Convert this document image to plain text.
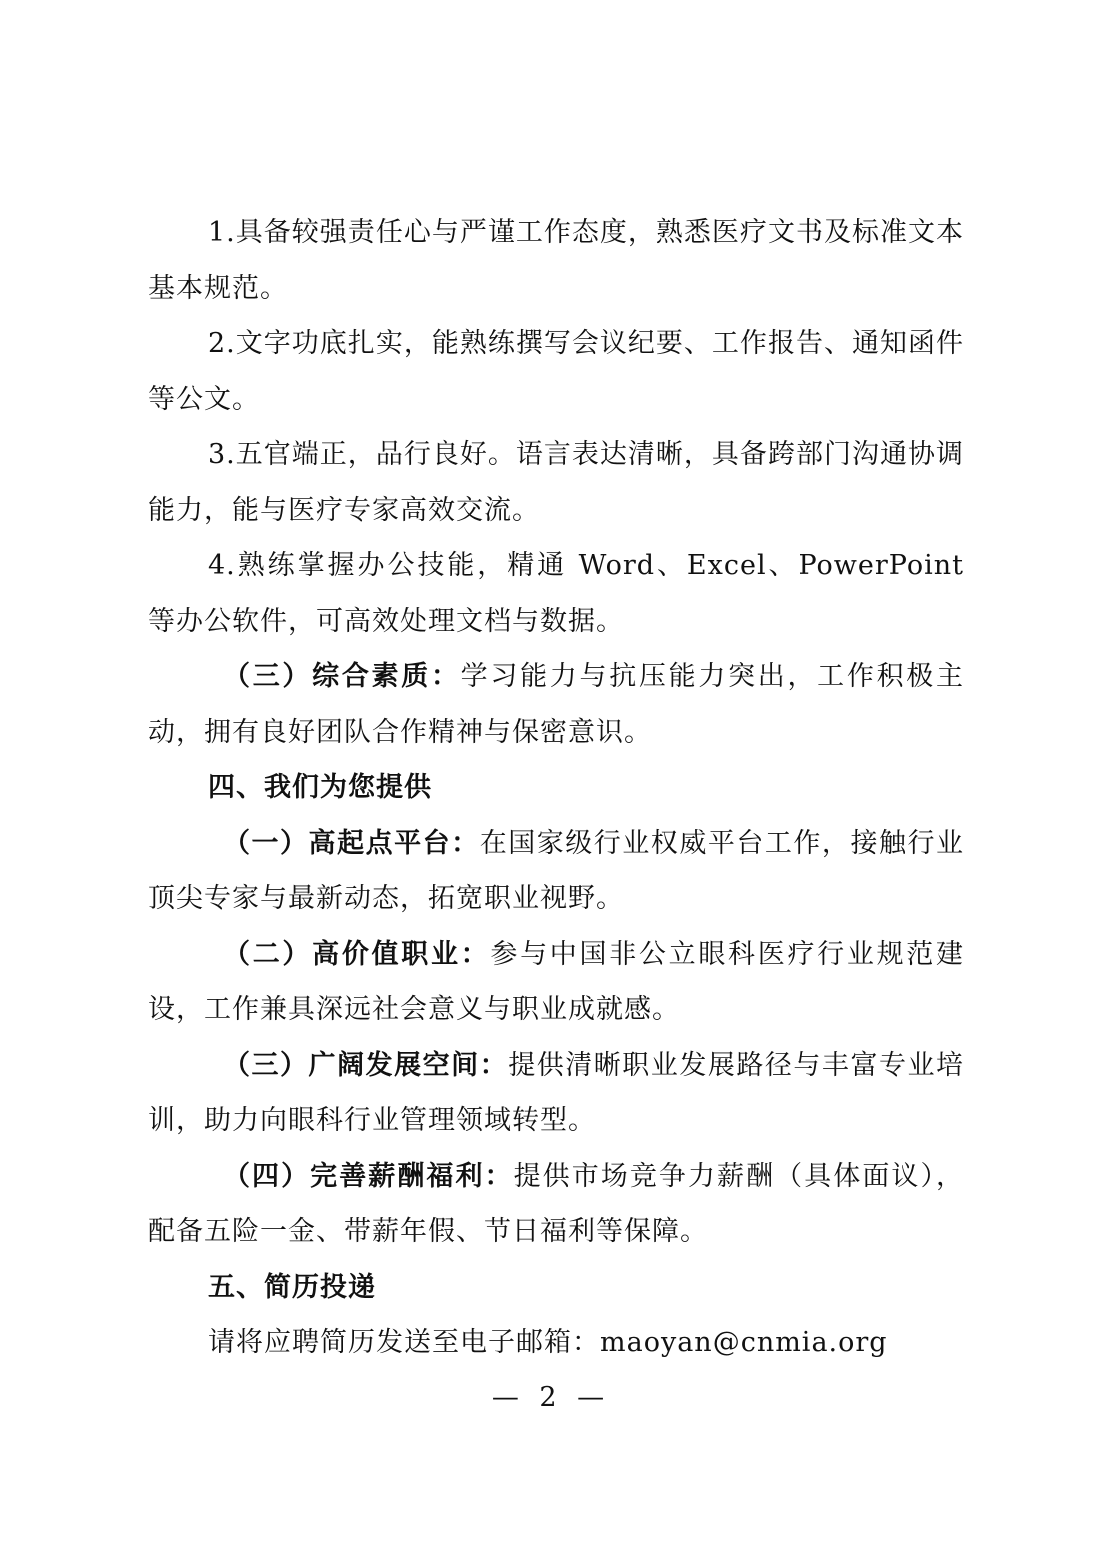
1.具备较强责任心与严谨工作态度，熟悉医疗文书及标准文本基本规范。

2.文字功底扎实，能熟练撰写会议纪要、工作报告、通知函件等公文。

3.五官端正，品行良好。语言表达清晰，具备跨部门沟通协调能力，能与医疗专家高效交流。

4.熟练掌握办公技能，精通 Word、Excel、PowerPoint 等办公软件，可高效处理文档与数据。

（三）综合素质：学习能力与抗压能力突出，工作积极主动，拥有良好团队合作精神与保密意识。

四、我们为您提供

（一）高起点平台：在国家级行业权威平台工作，接触行业顶尖专家与最新动态，拓宽职业视野。

（二）高价值职业：参与中国非公立眼科医疗行业规范建设，工作兼具深远社会意义与职业成就感。

（三）广阔发展空间：提供清晰职业发展路径与丰富专业培训，助力向眼科行业管理领域转型。

（四）完善薪酬福利：提供市场竞争力薪酬（具体面议），配备五险一金、带薪年假、节日福利等保障。

五、简历投递

请将应聘简历发送至电子邮箱：maoyan@cnmia.org

— 2 —
